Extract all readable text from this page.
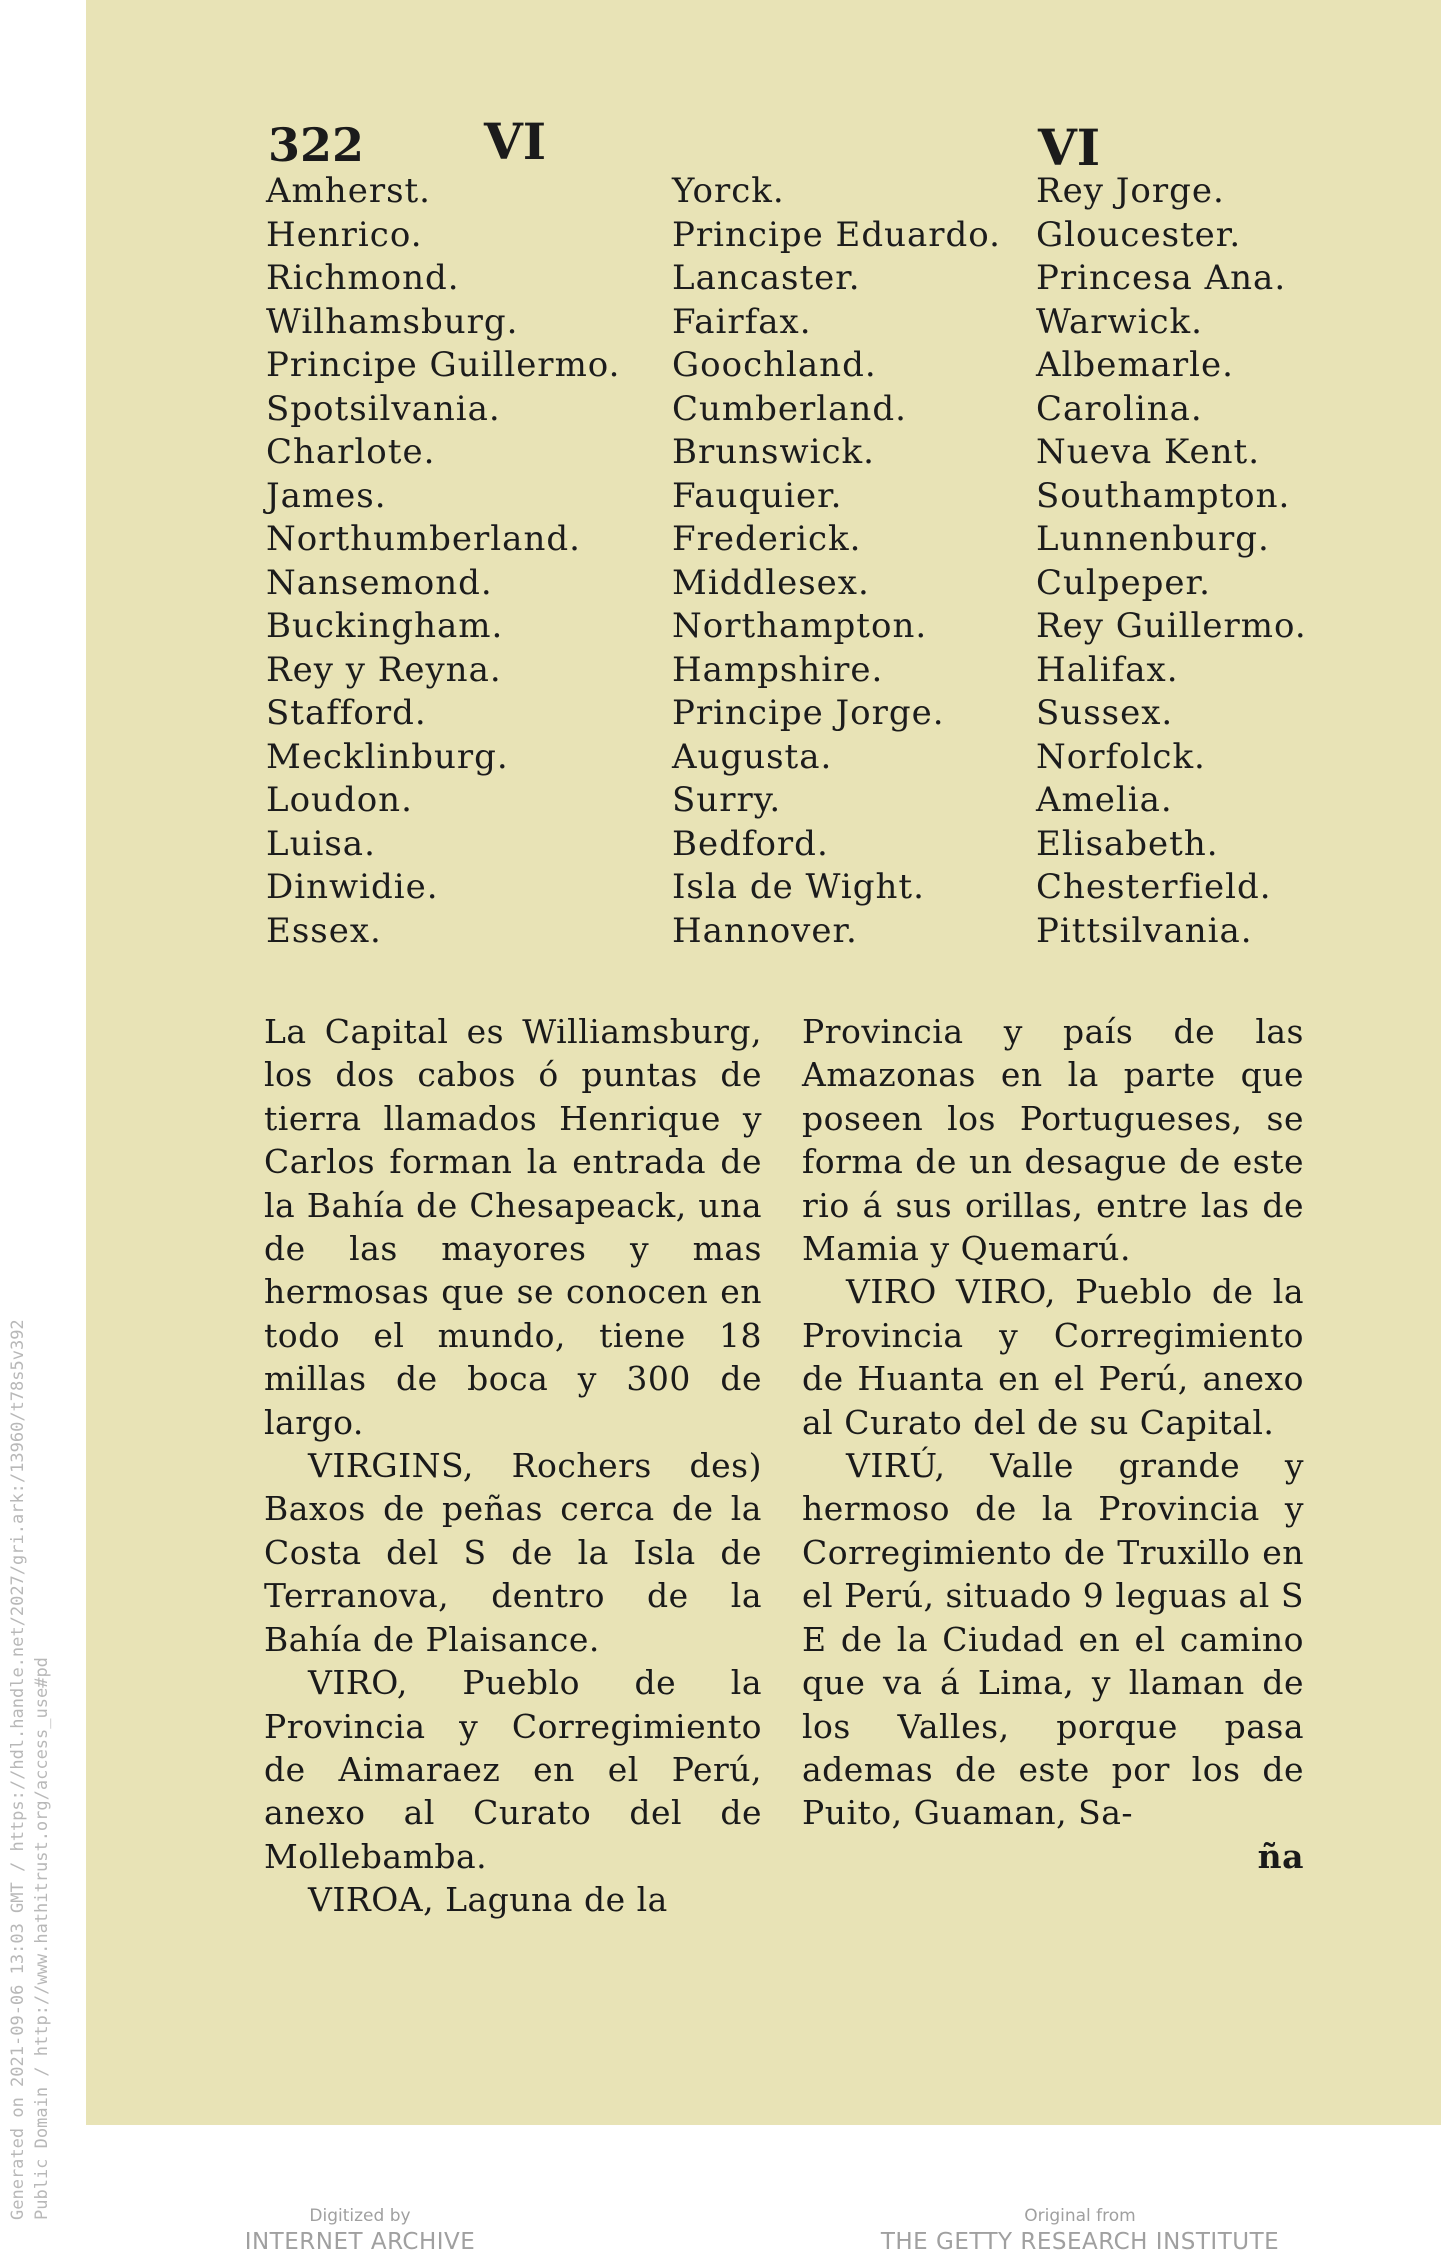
Generated on 2021-09-06 13:03 GMT / https://hdl.handle.net/2027/gri.ark:/13960/t78s5v392 Public Domain / http://www.hathitrust.org/access_use#pd
322 VI	VI
Amherst.
Henrico.
Richmond.
Wilhamsburg.
Principe Guillermo.
Spotsilvania.
Charlote.
James.
Northumberland.
Nansemond.
Buckingham.
Rey y Reyna.
Stafford.
Mecklinburg.
Loudon.
Luisa.
Dinwidie.
Essex.
Yorck.
Principe Eduardo.
Lancaster.
Fairfax.
Goochland.
Cumberland.
Brunswick.
Fauquier.
Frederick.
Middlesex.
Northampton.
Hampshire.
Principe Jorge.
Augusta.
Surry.
Bedford.
Isla de Wight.
Hannover.
Rey Jorge.
Gloucester.
Princesa Ana.
Warwick.
Albemarle.
Carolina.
Nueva Kent.
Southampton.
Lunnenburg.
Culpeper.
Rey Guillermo.
Halifax.
Sussex.
Norfolck.
Amelia.
Elisabeth.
Chesterfield.
Pittsilvania.

La Capital es Williamsburg, los dos cabos ó puntas de tierra llamados Henrique y Carlos forman la entrada de la Bahía de Chesapeack, una de las mayores y mas hermosas que se conocen en todo el mundo, tiene 18 millas de boca y 300 de largo.

VIRGINS, Rochers des) Baxos de peñas cerca de la Costa del S de la Isla de Terranova, dentro de la Bahía de Plaisance.

VIRO, Pueblo de la Provincia y Corregimiento de Aimaraez en el Perú, anexo al Curato del de Mollebamba.

VIROA, Laguna de la

Provincia y país de las Amazonas en la parte que poseen los Portugueses, se forma de un desague de este rio á sus orillas, entre las de Mamia y Quemarú.

VIRO VIRO, Pueblo de la Provincia y Corregimiento de Huanta en el Perú, anexo al Curato del de su Capital.

VIRÚ, Valle grande y hermoso de la Provincia y Corregimiento de Truxillo en el Perú, situado 9 leguas al S E de la Ciudad en el camino que va á Lima, y llaman de los Valles, porque pasa ademas de este por los de Puito, Guaman, Sa-

ña

Digitized by
INTERNET ARCHIVE
Original from
THE GETTY RESEARCH INSTITUTE
